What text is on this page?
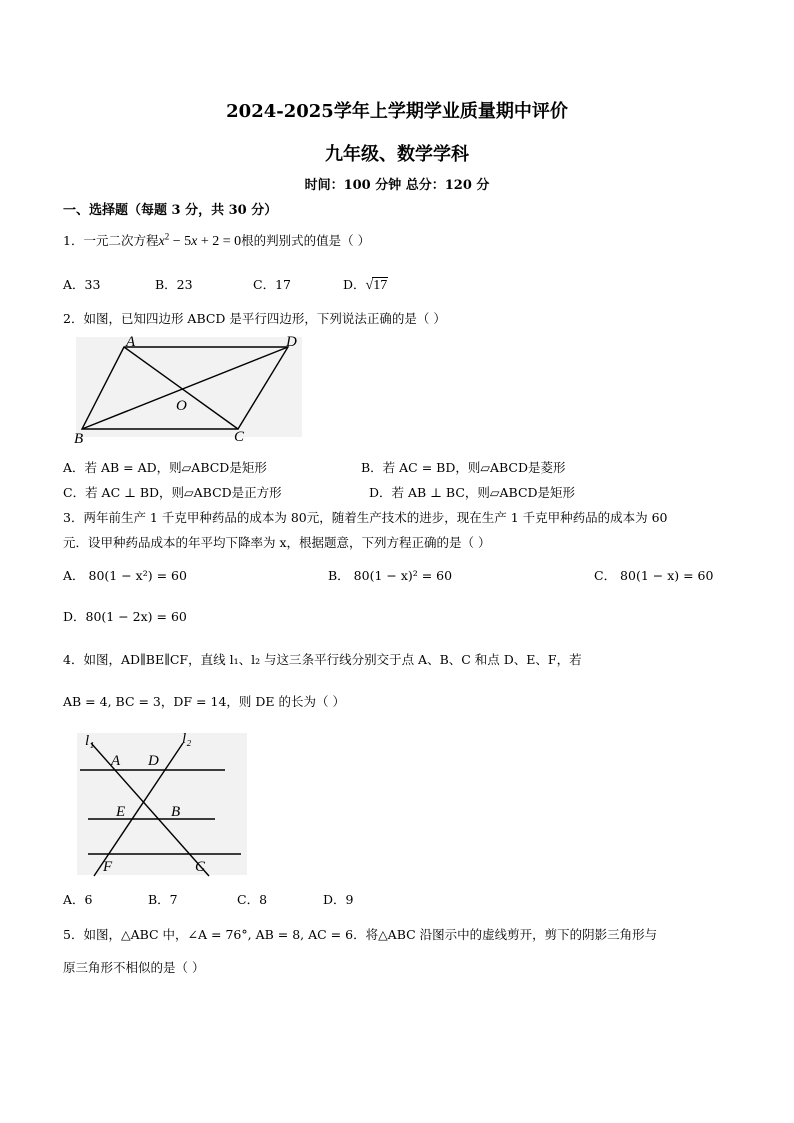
2024-2025学年上学期学业质量期中评价
九年级、数学学科
时间：100 分钟 总分：120 分
一、选择题（每题 3 分，共 30 分）
1．一元二次方程$x^2 - 5x + 2 = 0$根的判别式的值是（ ）
A．33	B．23	C．17	D．√17
2．如图，已知四边形 ABCD 是平行四边形，下列说法正确的是（ ）
A	D
O
B	C
A．若 AB = AD，则▱ABCD是矩形	B．若 AC = BD，则▱ABCD是菱形
C．若 AC ⊥ BD，则▱ABCD是正方形	D．若 AB ⊥ BC，则▱ABCD是矩形
3．两年前生产 1 千克甲种药品的成本为 80元，随着生产技术的进步，现在生产 1 千克甲种药品的成本为 60
元．设甲种药品成本的年平均下降率为 x，根据题意，下列方程正确的是（ ）
A． 80(1 − x²) = 60	B． 80(1 − x)² = 60	C． 80(1 − x) = 60
D．80(1 − 2x) = 60
4．如图，AD∥BE∥CF，直线 l₁、l₂ 与这三条平行线分别交于点 A、B、C 和点 D、E、F，若
AB = 4, BC = 3，DF = 14，则 DE 的长为（ ）
l₁	l₂
A D
E	B
F	C
A．6	B．7	C．8	D．9
5．如图，△ABC 中，∠A = 76°, AB = 8, AC = 6．将△ABC 沿图示中的虚线剪开，剪下的阴影三角形与
原三角形不相似的是（ ）
